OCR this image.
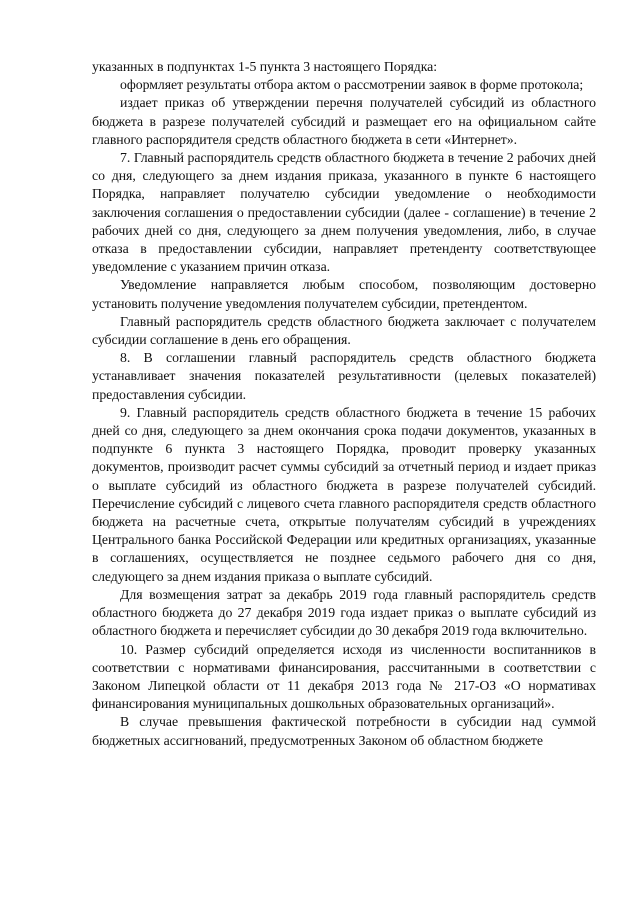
указанных в подпунктах 1-5 пункта 3 настоящего Порядка:

оформляет результаты отбора актом о рассмотрении заявок в форме протокола;

издает приказ об утверждении перечня получателей субсидий из областного бюджета в разрезе получателей субсидий и размещает его на официальном сайте главного распорядителя средств областного бюджета в сети «Интернет».

7. Главный распорядитель средств областного бюджета в течение 2 рабочих дней со дня, следующего за днем издания приказа, указанного в пункте 6 настоящего Порядка, направляет получателю субсидии уведомление о необходимости заключения соглашения о предоставлении субсидии (далее - соглашение) в течение 2 рабочих дней со дня, следующего за днем получения уведомления, либо, в случае отказа в предоставлении субсидии, направляет претенденту соответствующее уведомление с указанием причин отказа.

Уведомление направляется любым способом, позволяющим достоверно установить получение уведомления получателем субсидии, претендентом.

Главный распорядитель средств областного бюджета заключает с получателем субсидии соглашение в день его обращения.

8. В соглашении главный распорядитель средств областного бюджета устанавливает значения показателей результативности (целевых показателей) предоставления субсидии.

9. Главный распорядитель средств областного бюджета в течение 15 рабочих дней со дня, следующего за днем окончания срока подачи документов, указанных в подпункте 6 пункта 3 настоящего Порядка, проводит проверку указанных документов, производит расчет суммы субсидий за отчетный период и издает приказ о выплате субсидий из областного бюджета в разрезе получателей субсидий. Перечисление субсидий с лицевого счета главного распорядителя средств областного бюджета на расчетные счета, открытые получателям субсидий в учреждениях Центрального банка Российской Федерации или кредитных организациях, указанные в соглашениях, осуществляется не позднее седьмого рабочего дня со дня, следующего за днем издания приказа о выплате субсидий.

Для возмещения затрат за декабрь 2019 года главный распорядитель средств областного бюджета до 27 декабря 2019 года издает приказ о выплате субсидий из областного бюджета и перечисляет субсидии до 30 декабря 2019 года включительно.

10. Размер субсидий определяется исходя из численности воспитанников в соответствии с нормативами финансирования, рассчитанными в соответствии с Законом Липецкой области от 11 декабря 2013 года № 217-ОЗ «О нормативах финансирования муниципальных дошкольных образовательных организаций».

В случае превышения фактической потребности в субсидии над суммой бюджетных ассигнований, предусмотренных Законом об областном бюджете
